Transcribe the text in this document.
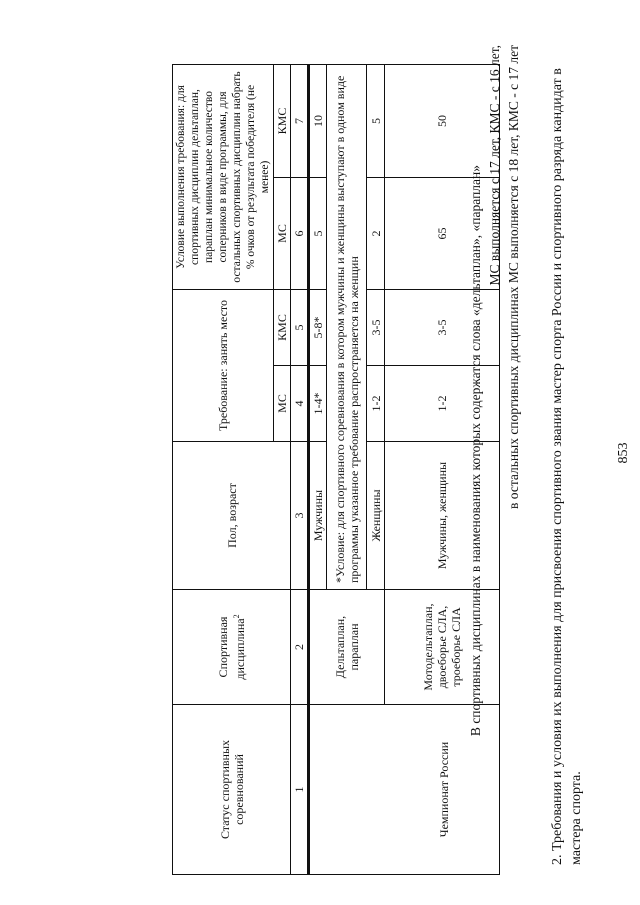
853
2. Требования и условия их выполнения для присвоения спортивного звания мастер спорта России и спортивного разряда кандидат в мастера спорта.
В спортивных дисциплинах в наименованиях которых содержатся слова «дельтаплан», «параплан» МС выполняется с 17 лет, КМС - с 16 лет, в остальных спортивных дисциплинах МС выполняется с 18 лет, КМС - с 17 лет
Статус спортивных соревнований	Спортивная дисциплина$^2$	Пол, возраст	Требование: занять место		Условие выполнения требования: для спортивных дисциплин дельтаплан, параплан минимальное количество соперников в виде программы, для остальных спортивных дисциплин набрать % очков от результата победителя (не менее)	
			МС	КМС	МС	КМС
1	2	3	4	5	6	7
Чемпионат России	Дельтаплан, параплан	Мужчины	1-4*	5-8*	5	10
		*Условие: для спортивного соревнования в котором мужчины и женщины выступают в одном виде программы указанное требование распространяется на женщин				
		Женщины	1-2	3-5	2	5
	Мотодельтаплан, двоеборье СЛА, троеборье СЛА	Мужчины, женщины	1-2	3-5	65	50
